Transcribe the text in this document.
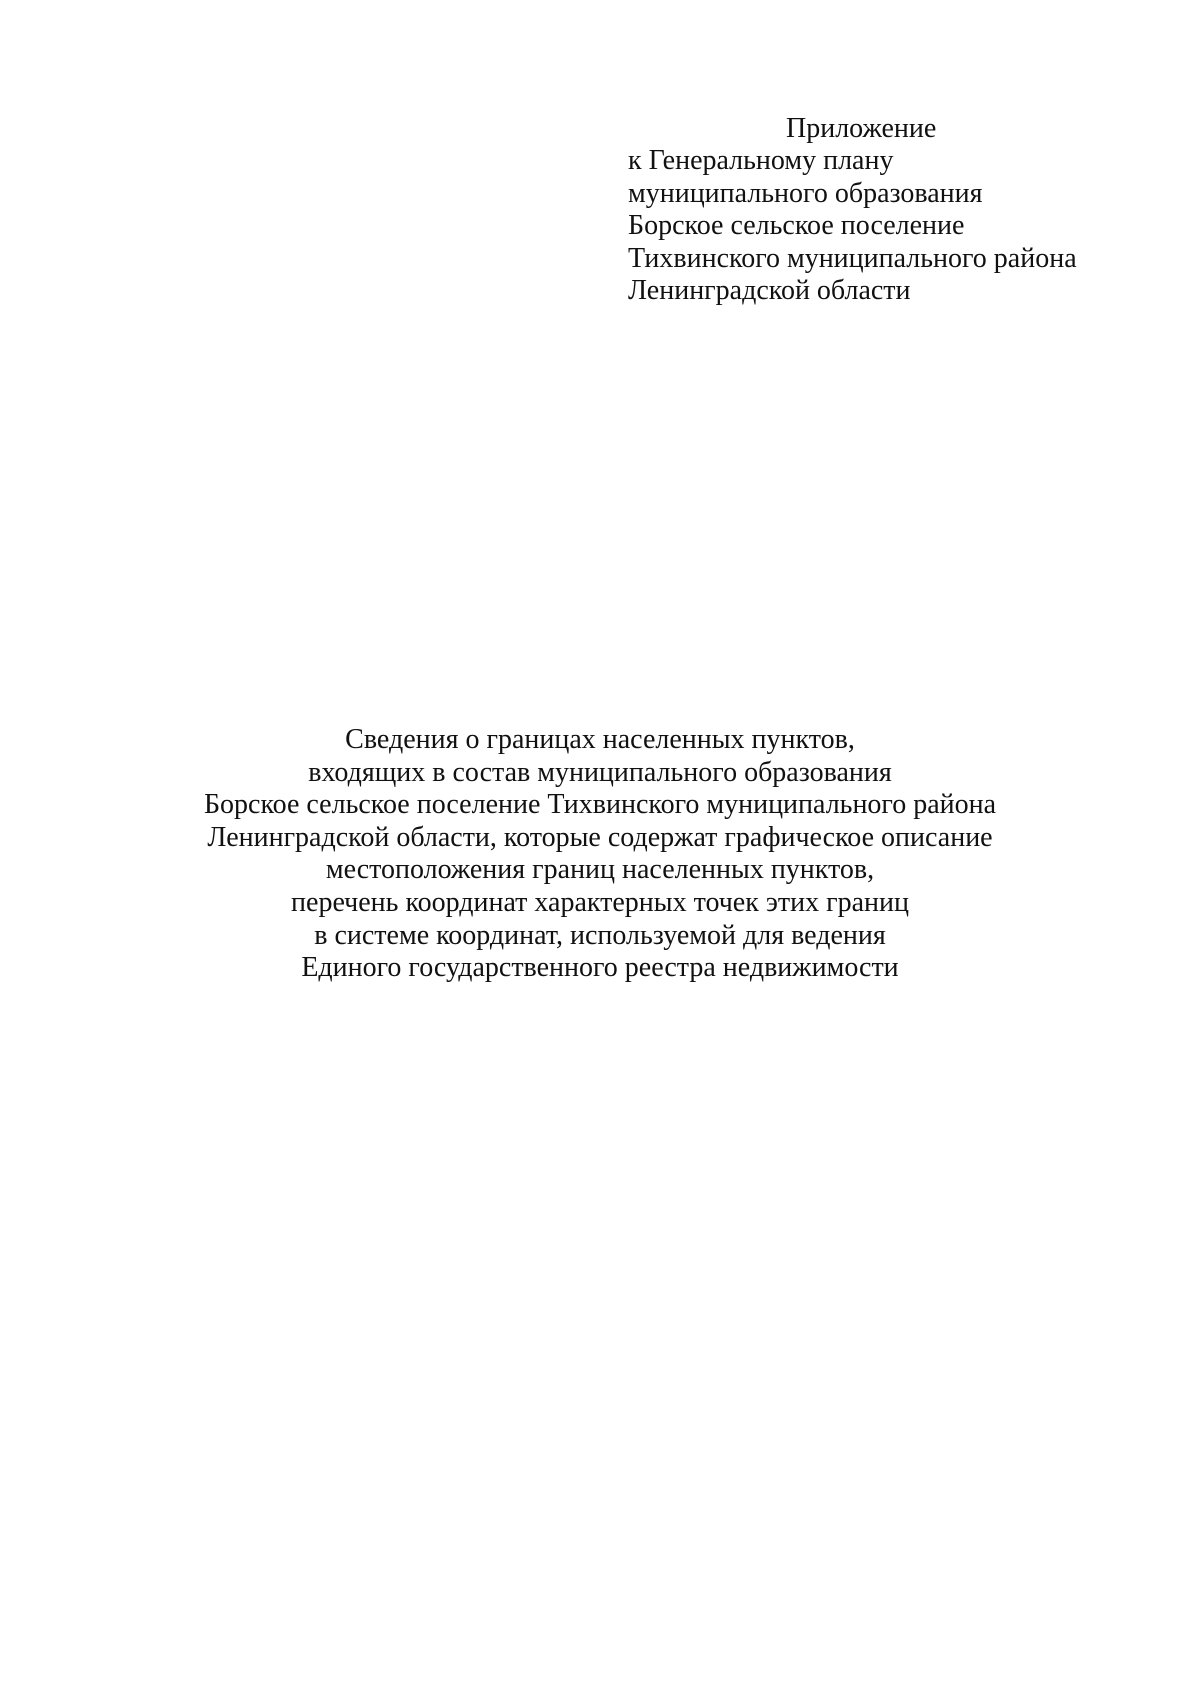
Приложение

к Генеральному плану
муниципального образования
Борское сельское поселение
Тихвинского муниципального района
Ленинградской области
Сведения о границах населенных пунктов,
входящих в состав муниципального образования
Борское сельское поселение Тихвинского муниципального района
Ленинградской области, которые содержат графическое описание
местоположения границ населенных пунктов,
перечень координат характерных точек этих границ
в системе координат, используемой для ведения
Единого государственного реестра недвижимости
